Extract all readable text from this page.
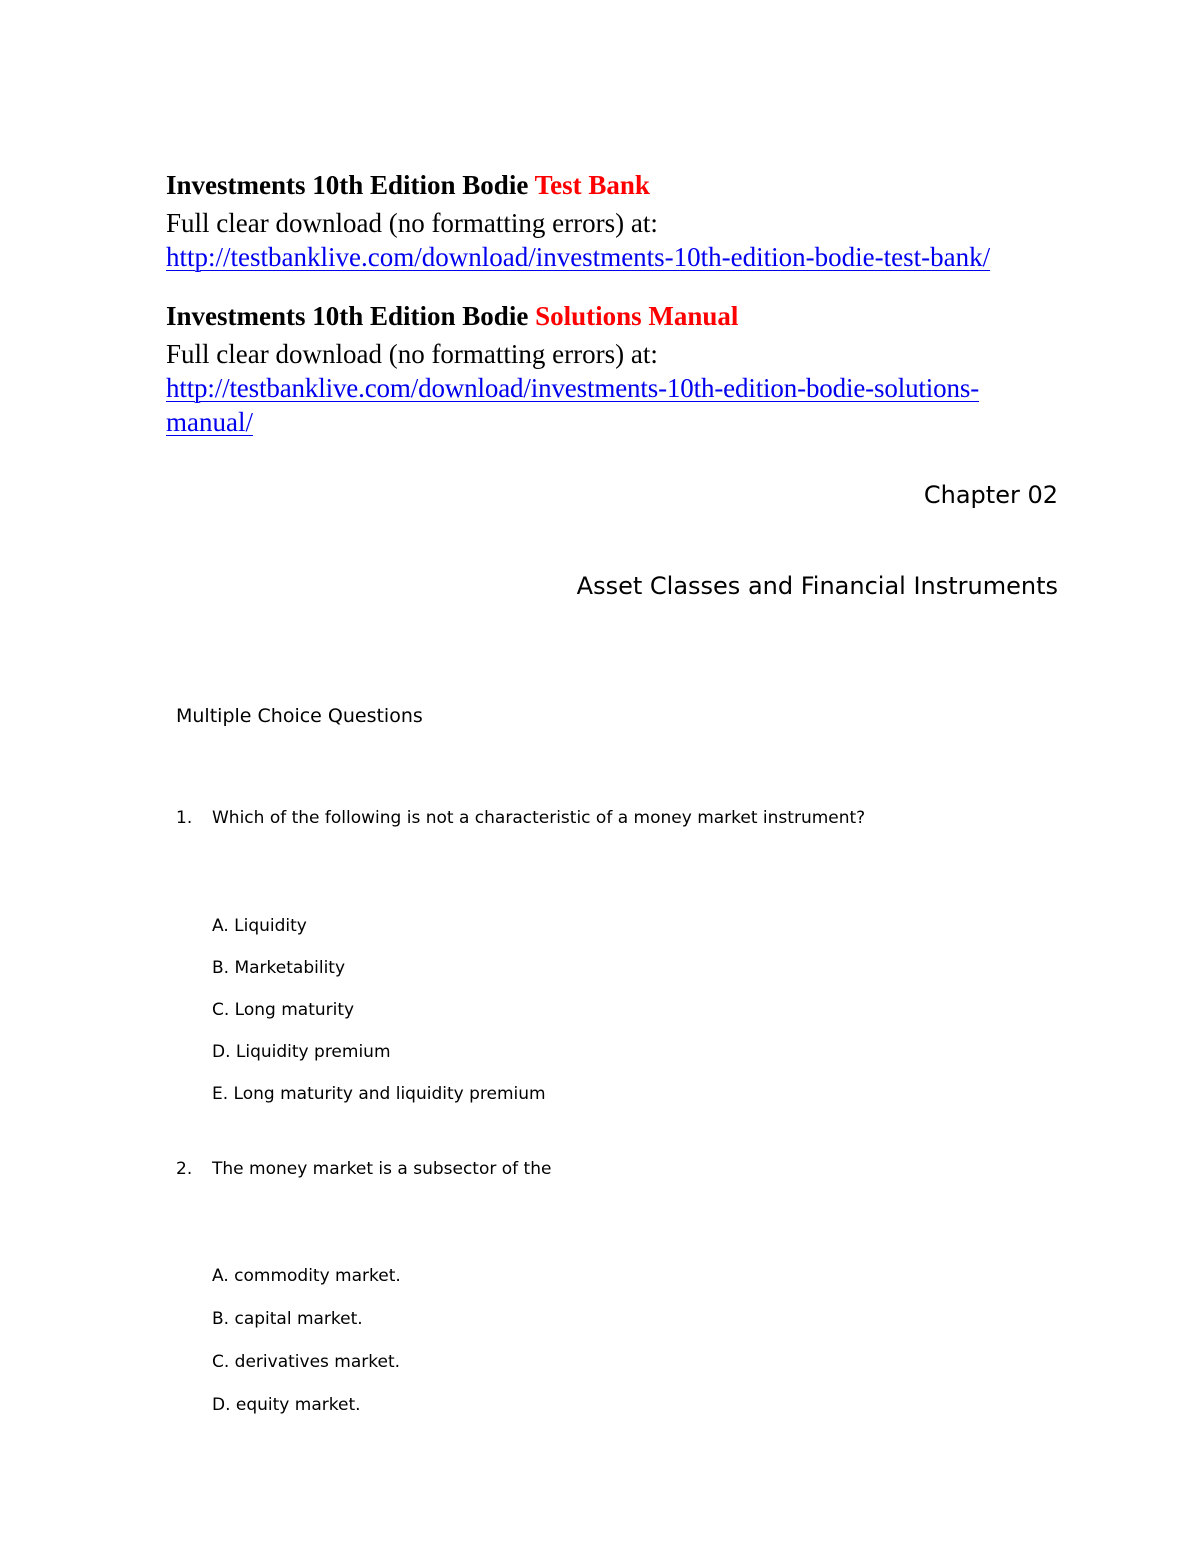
Investments 10th Edition Bodie Test Bank
Full clear download (no formatting errors) at:
http://testbanklive.com/download/investments-10th-edition-bodie-test-bank/
Investments 10th Edition Bodie Solutions Manual
Full clear download (no formatting errors) at:
http://testbanklive.com/download/investments-10th-edition-bodie-solutions-
manual/
Chapter 02
Asset Classes and Financial Instruments
Multiple Choice Questions
1. Which of the following is not a characteristic of a money market instrument?
A. Liquidity
B. Marketability
C. Long maturity
D. Liquidity premium
E. Long maturity and liquidity premium
2. The money market is a subsector of the
A. commodity market.
B. capital market.
C. derivatives market.
D. equity market.
